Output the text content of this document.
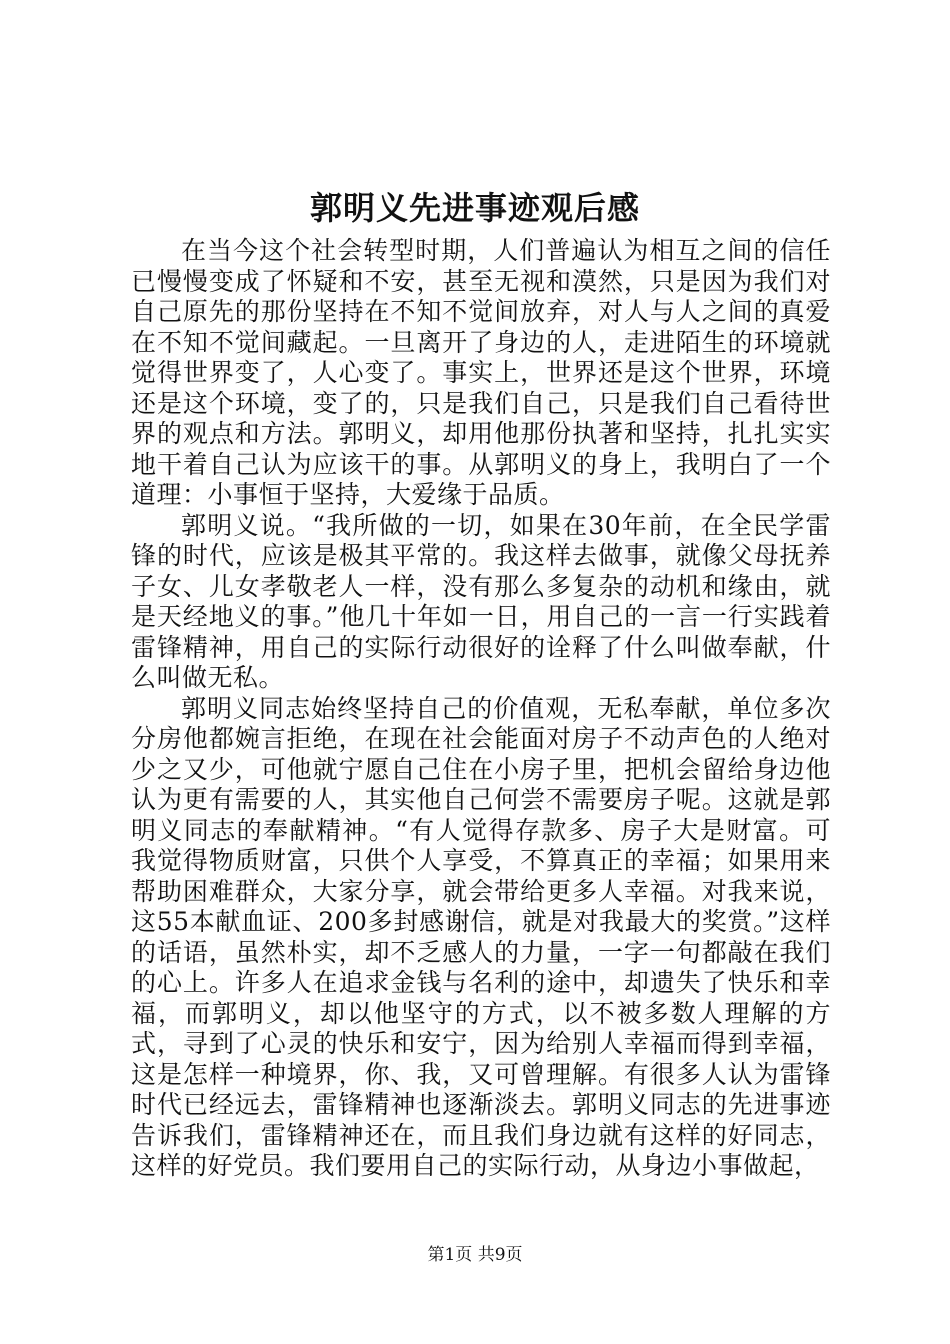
郭明义先进事迹观后感

在当今这个社会转型时期，人们普遍认为相互之间的信任已慢慢变成了怀疑和不安，甚至无视和漠然，只是因为我们对自己原先的那份坚持在不知不觉间放弃，对人与人之间的真爱在不知不觉间藏起。一旦离开了身边的人，走进陌生的环境就觉得世界变了，人心变了。事实上，世界还是这个世界，环境还是这个环境，变了的，只是我们自己，只是我们自己看待世界的观点和方法。郭明义，却用他那份执著和坚持，扎扎实实地干着自己认为应该干的事。从郭明义的身上，我明白了一个道理：小事恒于坚持，大爱缘于品质。

郭明义说。“我所做的一切，如果在30年前，在全民学雷锋的时代，应该是极其平常的。我这样去做事，就像父母抚养子女、儿女孝敬老人一样，没有那么多复杂的动机和缘由，就是天经地义的事。”他几十年如一日，用自己的一言一行实践着雷锋精神，用自己的实际行动很好的诠释了什么叫做奉献，什么叫做无私。

郭明义同志始终坚持自己的价值观，无私奉献，单位多次分房他都婉言拒绝，在现在社会能面对房子不动声色的人绝对少之又少，可他就宁愿自己住在小房子里，把机会留给身边他认为更有需要的人，其实他自己何尝不需要房子呢。这就是郭明义同志的奉献精神。“有人觉得存款多、房子大是财富。可我觉得物质财富，只供个人享受，不算真正的幸福；如果用来帮助困难群众，大家分享，就会带给更多人幸福。对我来说，这55本献血证、200多封感谢信，就是对我最大的奖赏。”这样的话语，虽然朴实，却不乏感人的力量，一字一句都敲在我们的心上。许多人在追求金钱与名利的途中，却遗失了快乐和幸福，而郭明义，却以他坚守的方式，以不被多数人理解的方式，寻到了心灵的快乐和安宁，因为给别人幸福而得到幸福，这是怎样一种境界，你、我，又可曾理解。有很多人认为雷锋时代已经远去，雷锋精神也逐渐淡去。郭明义同志的先进事迹告诉我们，雷锋精神还在，而且我们身边就有这样的好同志，这样的好党员。我们要用自己的实际行动，从身边小事做起，

第1页 共9页
